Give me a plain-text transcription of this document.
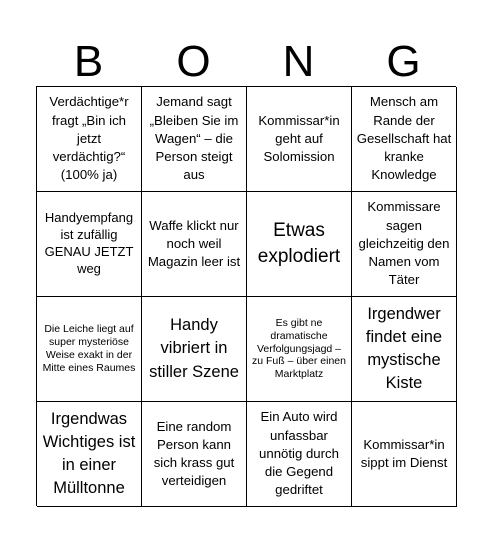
B	O	N	G
Verdächtige*r fragt „Bin ich jetzt verdächtig?“ (100% ja)
Jemand sagt „Bleiben Sie im Wagen“ – die Person steigt aus
Kommissar*in geht auf Solomission
Mensch am Rande der Gesellschaft hat kranke Knowledge
Handyempfang ist zufällig GENAU JETZT weg
Waffe klickt nur noch weil Magazin leer ist
Etwas explodiert
Kommissare sagen gleichzeitig den Namen vom Täter
Die Leiche liegt auf super mysteriöse Weise exakt in der Mitte eines Raumes
Handy vibriert in stiller Szene
Es gibt ne dramatische Verfolgungsjagd – zu Fuß – über einen Marktplatz
Irgendwer findet eine mystische Kiste
Irgendwas Wichtiges ist in einer Mülltonne
Eine random Person kann sich krass gut verteidigen
Ein Auto wird unfassbar unnötig durch die Gegend gedriftet
Kommissar*in sippt im Dienst
